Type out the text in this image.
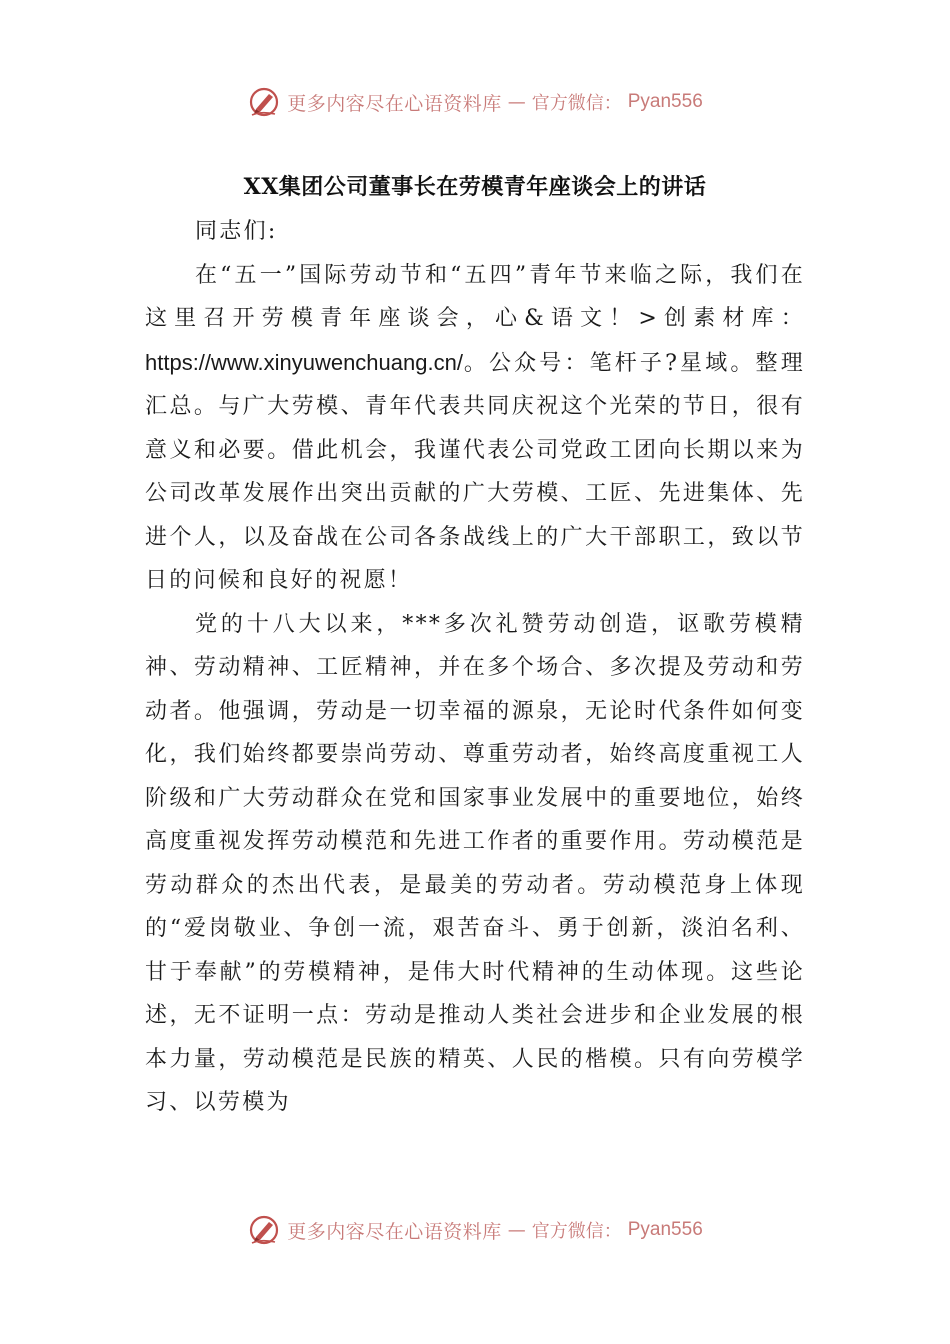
更多内容尽在心语资料库 — 官方微信： Pyan556
XX集团公司董事长在劳模青年座谈会上的讲话

同志们:

在“五一”国际劳动节和“五四”青年节来临之际，我们在这里召开劳模青年座谈会，心&语文！>创素材库：https://www.xinyuwenchuang.cn/。公众号：笔杆子?星域。整理汇总。与广大劳模、青年代表共同庆祝这个光荣的节日，很有意义和必要。借此机会，我谨代表公司党政工团向长期以来为公司改革发展作出突出贡献的广大劳模、工匠、先进集体、先进个人，以及奋战在公司各条战线上的广大干部职工，致以节日的问候和良好的祝愿！

党的十八大以来，***多次礼赞劳动创造，讴歌劳模精神、劳动精神、工匠精神，并在多个场合、多次提及劳动和劳动者。他强调，劳动是一切幸福的源泉，无论时代条件如何变化，我们始终都要崇尚劳动、尊重劳动者，始终高度重视工人阶级和广大劳动群众在党和国家事业发展中的重要地位，始终高度重视发挥劳动模范和先进工作者的重要作用。劳动模范是劳动群众的杰出代表，是最美的劳动者。劳动模范身上体现的“爱岗敬业、争创一流，艰苦奋斗、勇于创新，淡泊名利、甘于奉献”的劳模精神，是伟大时代精神的生动体现。这些论述，无不证明一点：劳动是推动人类社会进步和企业发展的根本力量，劳动模范是民族的精英、人民的楷模。只有向劳模学习、以劳模为

更多内容尽在心语资料库 — 官方微信： Pyan556
